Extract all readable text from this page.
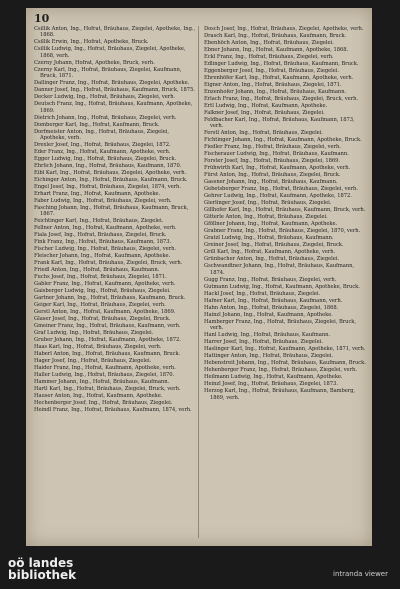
10
Csillik Anton, Ing., Hofrat, Bräuhaus, Ziegelei, Apotheke, Ing., 1868.
Csillik Erwin, Ing., Hofrat, Apotheke, Bruck.
Csillik Ludwig, Ing., Hofrat, Bräuhaus, Ziegelei, Apotheke, 1868, verh.
Czerny Johann, Hofrat, Apotheke, Bruck, verh.
Czerny Karl, Ing., Hofrat, Bräuhaus, Ziegelei, Kaufmann, Bruck, 1871.
Dallinger Franz, Ing., Hofrat, Bräuhaus, Ziegelei, Apotheke.
Danner Josef, Ing., Hofrat, Bräuhaus, Kaufmann, Bruck, 1875.
Decker Ludwig, Ing., Hofrat, Bräuhaus, Ziegelei, verh.
Deutsch Franz, Ing., Hofrat, Bräuhaus, Kaufmann, Apotheke, 1869.
Dietrich Johann, Ing., Hofrat, Bräuhaus, Ziegelei, verh.
Domberger Karl, Ing., Hofrat, Kaufmann, Bruck.
Dorfmeister Anton, Ing., Hofrat, Bräuhaus, Ziegelei, Apotheke, verh.
Drexler Josef, Ing., Hofrat, Bräuhaus, Ziegelei, 1872.
Eder Franz, Ing., Hofrat, Kaufmann, Apotheke, verh.
Egger Ludwig, Ing., Hofrat, Bräuhaus, Ziegelei, Bruck.
Ehrlich Johann, Ing., Hofrat, Bräuhaus, Kaufmann, 1870.
Eibl Karl, Ing., Hofrat, Bräuhaus, Ziegelei, Apotheke, verh.
Eichinger Anton, Ing., Hofrat, Bräuhaus, Kaufmann, Bruck.
Engel Josef, Ing., Hofrat, Bräuhaus, Ziegelei, 1874, verh.
Erhart Franz, Ing., Hofrat, Kaufmann, Apotheke.
Faber Ludwig, Ing., Hofrat, Bräuhaus, Ziegelei, verh.
Fasching Johann, Ing., Hofrat, Bräuhaus, Kaufmann, Bruck, 1867.
Feichtinger Karl, Ing., Hofrat, Bräuhaus, Ziegelei.
Fellner Anton, Ing., Hofrat, Kaufmann, Apotheke, verh.
Fiala Josef, Ing., Hofrat, Bräuhaus, Ziegelei, Bruck.
Fink Franz, Ing., Hofrat, Bräuhaus, Kaufmann, 1873.
Fischer Ludwig, Ing., Hofrat, Bräuhaus, Ziegelei, verh.
Fleischer Johann, Ing., Hofrat, Kaufmann, Apotheke.
Frank Karl, Ing., Hofrat, Bräuhaus, Ziegelei, Bruck, verh.
Friedl Anton, Ing., Hofrat, Bräuhaus, Kaufmann.
Fuchs Josef, Ing., Hofrat, Bräuhaus, Ziegelei, 1871.
Gabler Franz, Ing., Hofrat, Kaufmann, Apotheke, verh.
Gaisberger Ludwig, Ing., Hofrat, Bräuhaus, Ziegelei.
Gartner Johann, Ing., Hofrat, Bräuhaus, Kaufmann, Bruck.
Geiger Karl, Ing., Hofrat, Bräuhaus, Ziegelei, verh.
Gerstl Anton, Ing., Hofrat, Kaufmann, Apotheke, 1869.
Glaser Josef, Ing., Hofrat, Bräuhaus, Ziegelei, Bruck.
Gmeiner Franz, Ing., Hofrat, Bräuhaus, Kaufmann, verh.
Graf Ludwig, Ing., Hofrat, Bräuhaus, Ziegelei.
Gruber Johann, Ing., Hofrat, Kaufmann, Apotheke, 1872.
Haas Karl, Ing., Hofrat, Bräuhaus, Ziegelei, verh.
Haberl Anton, Ing., Hofrat, Bräuhaus, Kaufmann, Bruck.
Hager Josef, Ing., Hofrat, Bräuhaus, Ziegelei.
Haider Franz, Ing., Hofrat, Kaufmann, Apotheke, verh.
Haller Ludwig, Ing., Hofrat, Bräuhaus, Ziegelei, 1870.
Hammer Johann, Ing., Hofrat, Bräuhaus, Kaufmann.
Hartl Karl, Ing., Hofrat, Bräuhaus, Ziegelei, Bruck, verh.
Hauser Anton, Ing., Hofrat, Kaufmann, Apotheke.
Hechenberger Josef, Ing., Hofrat, Bräuhaus, Ziegelei.
Heindl Franz, Ing., Hofrat, Bräuhaus, Kaufmann, 1874, verh.
Dosch Josef, Ing., Hofrat, Bräuhaus, Ziegelei, Apotheke, verh.
Drasch Karl, Ing., Hofrat, Bräuhaus, Kaufmann, Bruck.
Ebenhöch Anton, Ing., Hofrat, Bräuhaus, Ziegelei.
Ebner Johann, Ing., Hofrat, Kaufmann, Apotheke, 1868.
Eckl Franz, Ing., Hofrat, Bräuhaus, Ziegelei, verh.
Edlinger Ludwig, Ing., Hofrat, Bräuhaus, Kaufmann, Bruck.
Eggenberger Josef, Ing., Hofrat, Bräuhaus, Ziegelei.
Ehrenhöfer Karl, Ing., Hofrat, Kaufmann, Apotheke, verh.
Eigner Anton, Ing., Hofrat, Bräuhaus, Ziegelei, 1871.
Enzenhofer Johann, Ing., Hofrat, Bräuhaus, Kaufmann.
Erlach Franz, Ing., Hofrat, Bräuhaus, Ziegelei, Bruck, verh.
Ertl Ludwig, Ing., Hofrat, Kaufmann, Apotheke.
Falkner Josef, Ing., Hofrat, Bräuhaus, Ziegelei.
Feldbacher Karl, Ing., Hofrat, Bräuhaus, Kaufmann, 1873, verh.
Ferstl Anton, Ing., Hofrat, Bräuhaus, Ziegelei.
Fichtinger Johann, Ing., Hofrat, Kaufmann, Apotheke, Bruck.
Fiedler Franz, Ing., Hofrat, Bräuhaus, Ziegelei, verh.
Fischerauer Ludwig, Ing., Hofrat, Bräuhaus, Kaufmann.
Forster Josef, Ing., Hofrat, Bräuhaus, Ziegelei, 1869.
Frühwirth Karl, Ing., Hofrat, Kaufmann, Apotheke, verh.
Fürst Anton, Ing., Hofrat, Bräuhaus, Ziegelei, Bruck.
Gassner Johann, Ing., Hofrat, Bräuhaus, Kaufmann.
Gebetsberger Franz, Ing., Hofrat, Bräuhaus, Ziegelei, verh.
Gehrer Ludwig, Ing., Hofrat, Kaufmann, Apotheke, 1872.
Gierlinger Josef, Ing., Hofrat, Bräuhaus, Ziegelei.
Gillhofer Karl, Ing., Hofrat, Bräuhaus, Kaufmann, Bruck, verh.
Gitterle Anton, Ing., Hofrat, Bräuhaus, Ziegelei.
Gföllner Johann, Ing., Hofrat, Kaufmann, Apotheke.
Grabner Franz, Ing., Hofrat, Bräuhaus, Ziegelei, 1870, verh.
Gratzl Ludwig, Ing., Hofrat, Bräuhaus, Kaufmann.
Greiner Josef, Ing., Hofrat, Bräuhaus, Ziegelei, Bruck.
Grill Karl, Ing., Hofrat, Kaufmann, Apotheke, verh.
Grünbacher Anton, Ing., Hofrat, Bräuhaus, Ziegelei.
Gschwandtner Johann, Ing., Hofrat, Bräuhaus, Kaufmann, 1874.
Gugg Franz, Ing., Hofrat, Bräuhaus, Ziegelei, verh.
Gutmann Ludwig, Ing., Hofrat, Kaufmann, Apotheke, Bruck.
Hackl Josef, Ing., Hofrat, Bräuhaus, Ziegelei.
Hafner Karl, Ing., Hofrat, Bräuhaus, Kaufmann, verh.
Hahn Anton, Ing., Hofrat, Bräuhaus, Ziegelei, 1868.
Hainzl Johann, Ing., Hofrat, Kaufmann, Apotheke.
Hamberger Franz, Ing., Hofrat, Bräuhaus, Ziegelei, Bruck, verh.
Hanl Ludwig, Ing., Hofrat, Bräuhaus, Kaufmann.
Harrer Josef, Ing., Hofrat, Bräuhaus, Ziegelei.
Haslinger Karl, Ing., Hofrat, Kaufmann, Apotheke, 1871, verh.
Hattinger Anton, Ing., Hofrat, Bräuhaus, Ziegelei.
Hebenstreit Johann, Ing., Hofrat, Bräuhaus, Kaufmann, Bruck.
Hehenberger Franz, Ing., Hofrat, Bräuhaus, Ziegelei, verh.
Heilmann Ludwig, Ing., Hofrat, Kaufmann, Apotheke.
Heinzl Josef, Ing., Hofrat, Bräuhaus, Ziegelei, 1873.
Herzog Karl, Ing., Hofrat, Bräuhaus, Kaufmann, Bamberg, 1869, verh.
oö landes
bibliothek	intranda viewer
